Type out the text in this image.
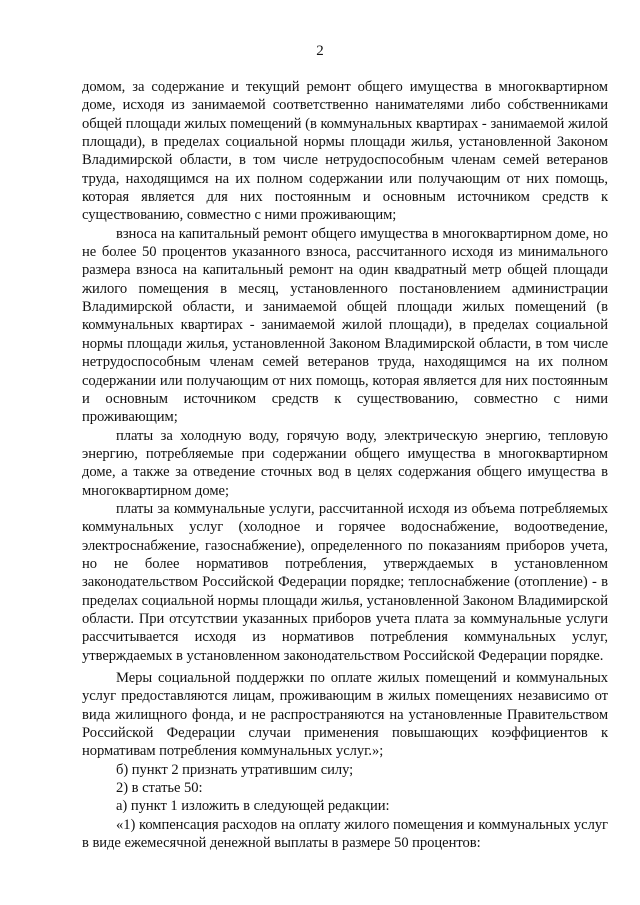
2

домом, за содержание и текущий ремонт общего имущества в многоквартирном доме, исходя из занимаемой соответственно нанимателями либо собственниками общей площади жилых помещений (в коммунальных квартирах - занимаемой жилой площади), в пределах социальной нормы площади жилья, установленной Законом Владимирской области, в том числе нетрудоспособным членам семей ветеранов труда, находящимся на их полном содержании или получающим от них помощь, которая является для них постоянным и основным источником средств к существованию, совместно с ними проживающим;

взноса на капитальный ремонт общего имущества в многоквартирном доме, но не более 50 процентов указанного взноса, рассчитанного исходя из минимального размера взноса на капитальный ремонт на один квадратный метр общей площади жилого помещения в месяц, установленного постановлением администрации Владимирской области, и занимаемой общей площади жилых помещений (в коммунальных квартирах - занимаемой жилой площади), в пределах социальной нормы площади жилья, установленной Законом Владимирской области, в том числе нетрудоспособным членам семей ветеранов труда, находящимся на их полном содержании или получающим от них помощь, которая является для них постоянным и основным источником средств к существованию, совместно с ними проживающим;

платы за холодную воду, горячую воду, электрическую энергию, тепловую энергию, потребляемые при содержании общего имущества в многоквартирном доме, а также за отведение сточных вод в целях содержания общего имущества в многоквартирном доме;

платы за коммунальные услуги, рассчитанной исходя из объема потребляемых коммунальных услуг (холодное и горячее водоснабжение, водоотведение, электроснабжение, газоснабжение), определенного по показаниям приборов учета, но не более нормативов потребления, утверждаемых в установленном законодательством Российской Федерации порядке; теплоснабжение (отопление) - в пределах социальной нормы площади жилья, установленной Законом Владимирской области. При отсутствии указанных приборов учета плата за коммунальные услуги рассчитывается исходя из нормативов потребления коммунальных услуг, утверждаемых в установленном законодательством Российской Федерации порядке.

Меры социальной поддержки по оплате жилых помещений и коммунальных услуг предоставляются лицам, проживающим в жилых помещениях независимо от вида жилищного фонда, и не распространяются на установленные Правительством Российской Федерации случаи применения повышающих коэффициентов к нормативам потребления коммунальных услуг.»;

б) пункт 2 признать утратившим силу;

2) в статье 50:

а) пункт 1 изложить в следующей редакции:

«1) компенсация расходов на оплату жилого помещения и коммунальных услуг в виде ежемесячной денежной выплаты в размере 50 процентов:
